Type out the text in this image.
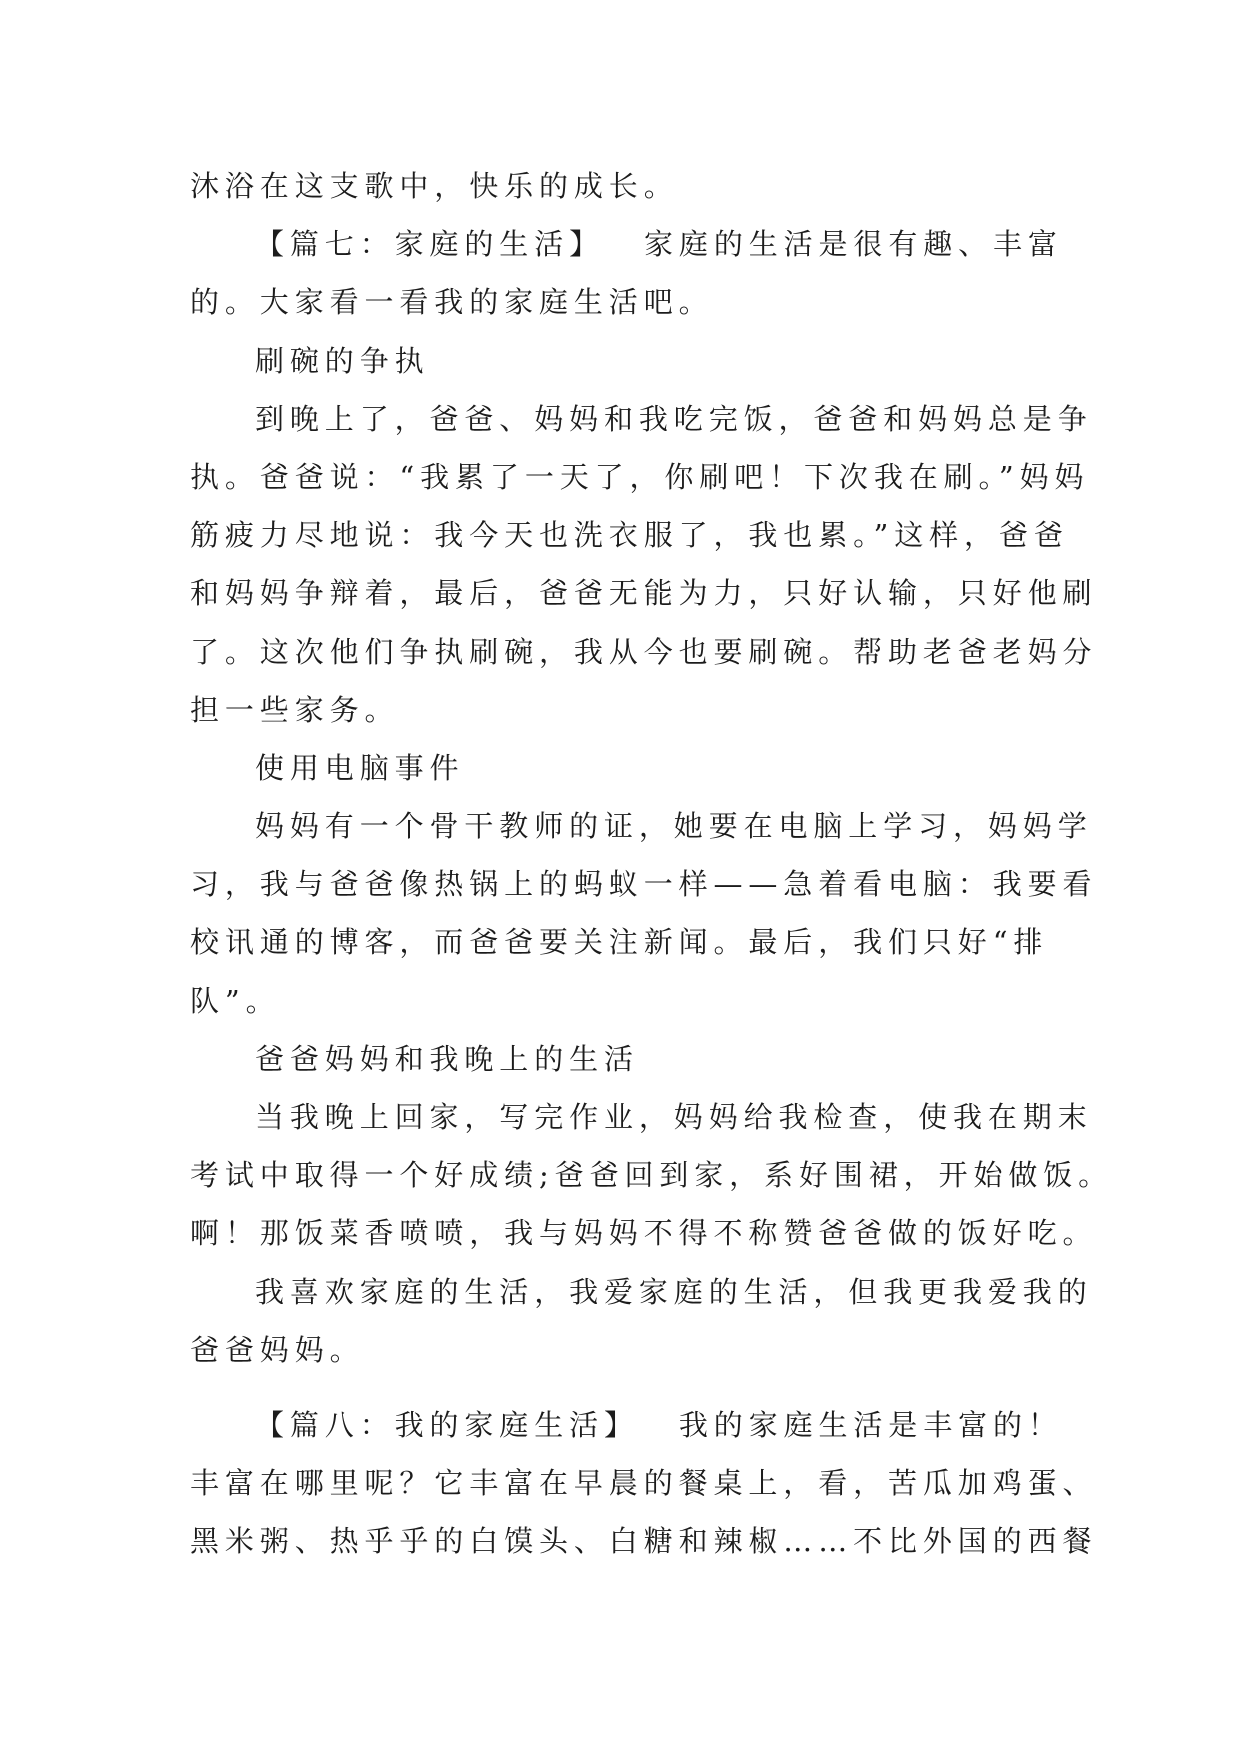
沐浴在这支歌中，快乐的成长。
【篇七：家庭的生活】 家庭的生活是很有趣、丰富
的。大家看一看我的家庭生活吧。
刷碗的争执
到晚上了，爸爸、妈妈和我吃完饭，爸爸和妈妈总是争
执。爸爸说：“我累了一天了，你刷吧！下次我在刷。”妈妈
筋疲力尽地说：我今天也洗衣服了，我也累。”这样，爸爸
和妈妈争辩着，最后，爸爸无能为力，只好认输，只好他刷
了。这次他们争执刷碗，我从今也要刷碗。帮助老爸老妈分
担一些家务。
使用电脑事件
妈妈有一个骨干教师的证，她要在电脑上学习，妈妈学
习，我与爸爸像热锅上的蚂蚁一样——急着看电脑：我要看
校讯通的博客，而爸爸要关注新闻。最后，我们只好“排
队”。
爸爸妈妈和我晚上的生活
当我晚上回家，写完作业，妈妈给我检查，使我在期末
考试中取得一个好成绩;爸爸回到家，系好围裙，开始做饭。
啊！那饭菜香喷喷，我与妈妈不得不称赞爸爸做的饭好吃。
我喜欢家庭的生活，我爱家庭的生活，但我更我爱我的
爸爸妈妈。
【篇八：我的家庭生活】 我的家庭生活是丰富的！
丰富在哪里呢？它丰富在早晨的餐桌上，看，苦瓜加鸡蛋、
黑米粥、热乎乎的白馍头、白糖和辣椒……不比外国的西餐
